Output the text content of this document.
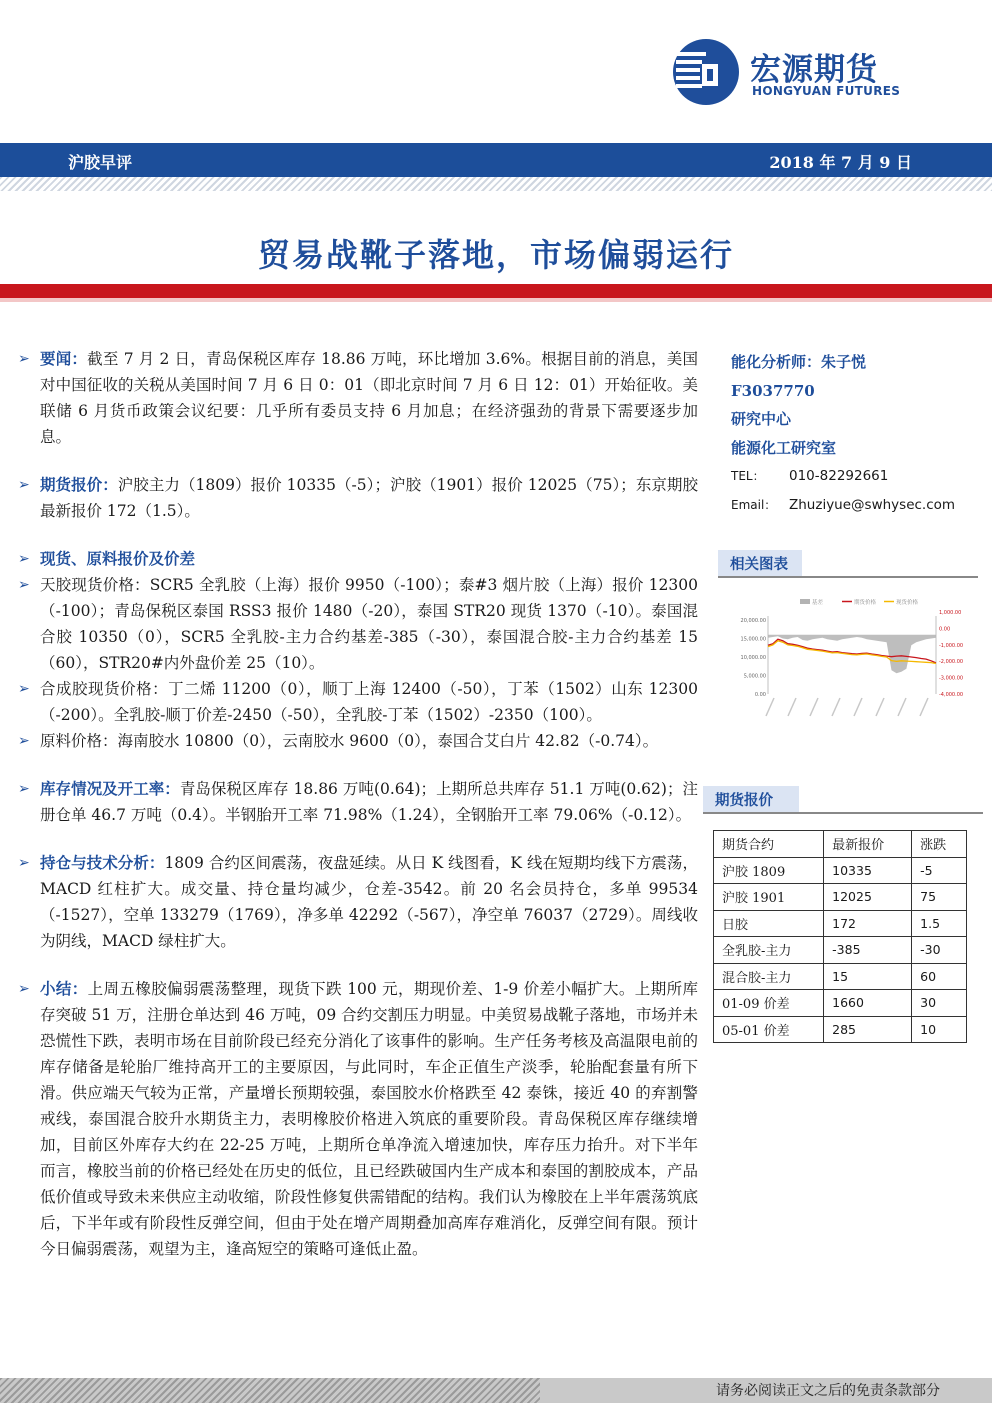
宏源期货
HONGYUAN FUTURES
沪胶早评	2018 年 7 月 9 日
贸易战靴子落地，市场偏弱运行
➢ 要闻：截至 7 月 2 日，青岛保税区库存 18.86 万吨，环比增加 3.6%。根据目前的消息，美国对中国征收的关税从美国时间 7 月 6 日 0：01（即北京时间 7 月 6 日 12：01）开始征收。美联储 6 月货币政策会议纪要：几乎所有委员支持 6 月加息；在经济强劲的背景下需要逐步加息。
➢ 期货报价：沪胶主力（1809）报价 10335（-5）；沪胶（1901）报价 12025（75）；东京期胶最新报价 172（1.5）。
➢ 现货、原料报价及价差
➢ 天胶现货价格：SCR5 全乳胶（上海）报价 9950（-100）；泰#3 烟片胶（上海）报价 12300（-100）；青岛保税区泰国 RSS3 报价 1480（-20），泰国 STR20 现货 1370（-10）。泰国混合胶 10350（0），SCR5 全乳胶-主力合约基差-385（-30），泰国混合胶-主力合约基差 15（60），STR20#内外盘价差 25（10）。
➢ 合成胶现货价格：丁二烯 11200（0），顺丁上海 12400（-50），丁苯（1502）山东 12300（-200）。全乳胶-顺丁价差-2450（-50），全乳胶-丁苯（1502）-2350（100）。
➢ 原料价格：海南胶水 10800（0），云南胶水 9600（0），泰国合艾白片 42.82（-0.74）。
➢ 库存情况及开工率：青岛保税区库存 18.86 万吨(0.64)；上期所总共库存 51.1 万吨(0.62)；注册仓单 46.7 万吨（0.4）。半钢胎开工率 71.98%（1.24），全钢胎开工率 79.06%（-0.12）。
➢ 持仓与技术分析：1809 合约区间震荡，夜盘延续。从日 K 线图看，K 线在短期均线下方震荡，MACD 红柱扩大。成交量、持仓量均减少，仓差-3542。前 20 名会员持仓，多单 99534（-1527），空单 133279（1769），净多单 42292（-567），净空单 76037（2729）。周线收为阴线，MACD 绿柱扩大。
➢ 小结：上周五橡胶偏弱震荡整理，现货下跌 100 元，期现价差、1-9 价差小幅扩大。上期所库存突破 51 万，注册仓单达到 46 万吨，09 合约交割压力明显。中美贸易战靴子落地，市场并未恐慌性下跌，表明市场在目前阶段已经充分消化了该事件的影响。生产任务考核及高温限电前的库存储备是轮胎厂维持高开工的主要原因，与此同时，车企正值生产淡季，轮胎配套量有所下滑。供应端天气较为正常，产量增长预期较强，泰国胶水价格跌至 42 泰铢，接近 40 的弃割警戒线，泰国混合胶升水期货主力，表明橡胶价格进入筑底的重要阶段。青岛保税区库存继续增加，目前区外库存大约在 22-25 万吨，上期所仓单净流入增速加快，库存压力抬升。对下半年而言，橡胶当前的价格已经处在历史的低位，且已经跌破国内生产成本和泰国的割胶成本，产品低价值或导致未来供应主动收缩，阶段性修复供需错配的结构。我们认为橡胶在上半年震荡筑底后，下半年或有阶段性反弹空间，但由于处在增产周期叠加高库存难消化，反弹空间有限。预计今日偏弱震荡，观望为主，逢高短空的策略可逢低止盈。
能化分析师：朱子悦
F3037770
研究中心
能源化工研究室
TEL： 010-82292661
Email： Zhuziyue@swhysec.com
相关图表
20,000.00
15,000.00
10,000.00
5,000.00
0.00
1,000.00
0.00
-1,000.00
-2,000.00
-3,000.00
-4,000.00
基差	期货价格	现货价格
期货报价
期货合约	最新报价	涨跌
沪胶 1809	10335	-5
沪胶 1901	12025	75
日胶	172	1.5
全乳胶-主力	-385	-30
混合胶-主力	15	60
01-09 价差	1660	30
05-01 价差	285	10
请务必阅读正文之后的免责条款部分
